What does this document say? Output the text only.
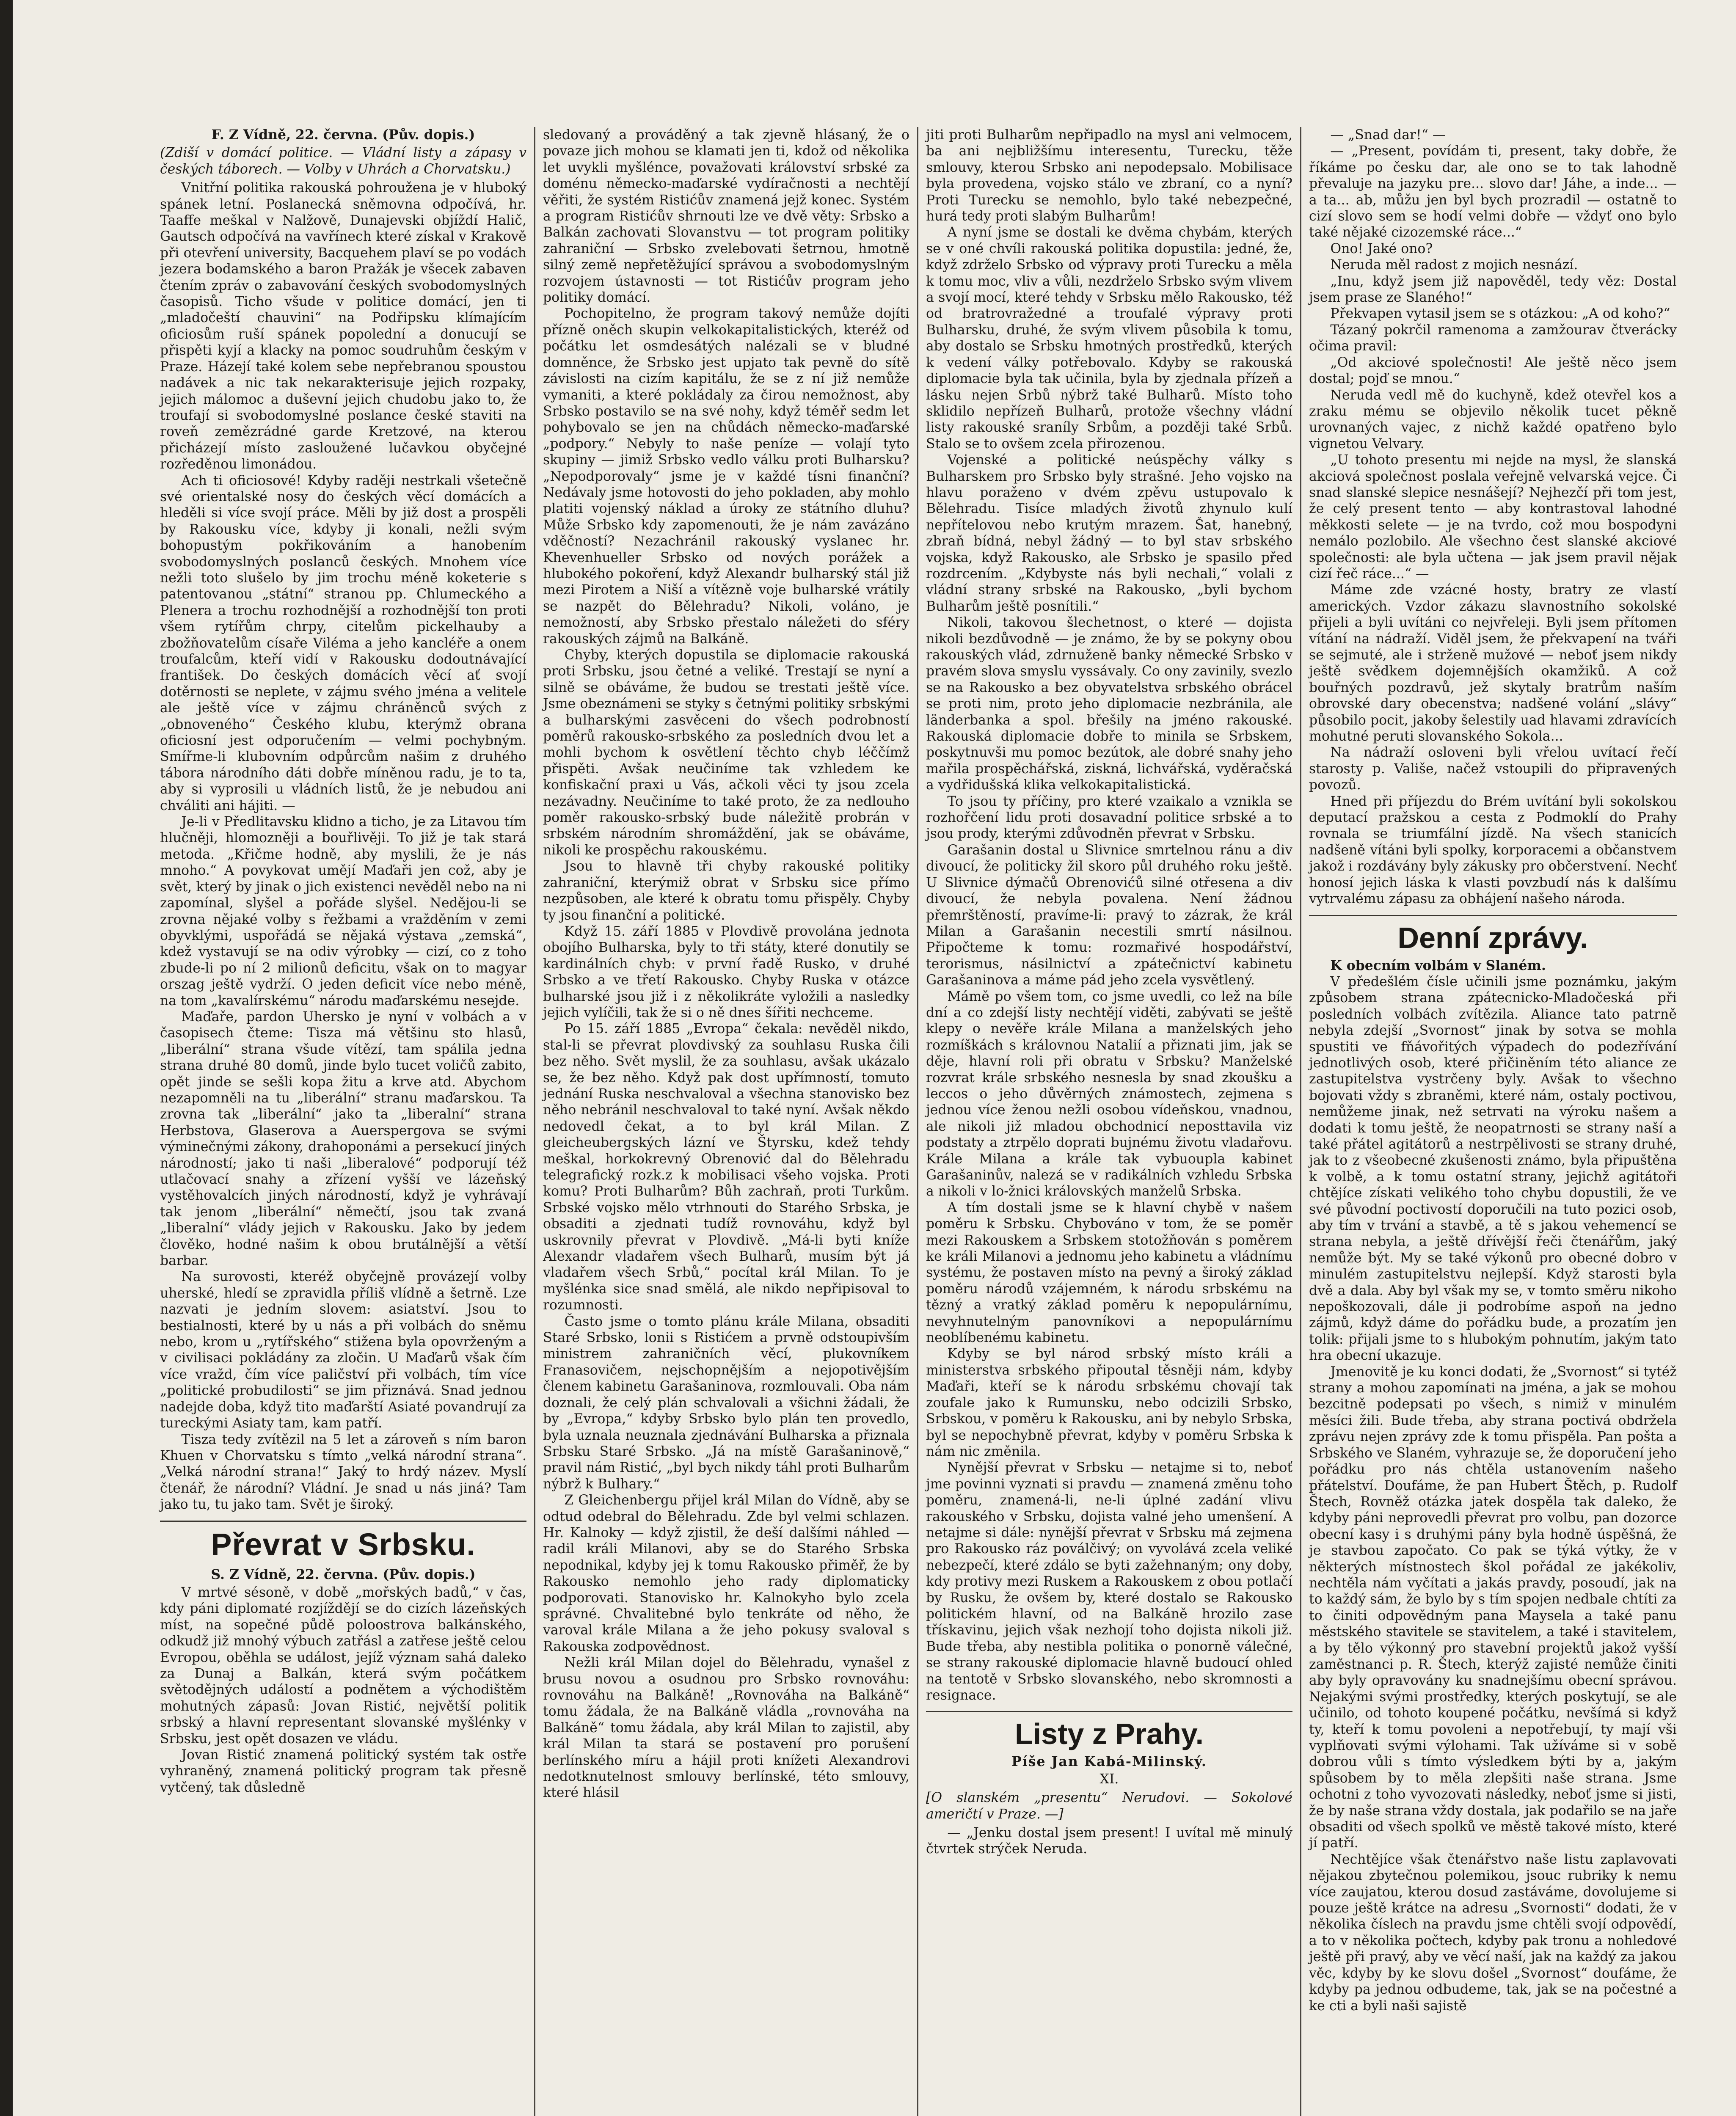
F. Z Vídně, 22. června. (Pův. dopis.)
(Zdiší v domácí politice. — Vládní listy a zápasy v českých táborech. — Volby v Uhrách a Chorvatsku.)

Vnitřní politika rakouská pohroužena je v hluboký spánek letní. Poslanecká sněmovna odpočívá, hr. Taaffe meškal v Nalžově, Dunajevski objíždí Halič, Gautsch odpočívá na vavřínech které získal v Krakově při otevření university, Bacquehem plaví se po vodách jezera bodamského a baron Pražák je všecek zabaven čtením zpráv o zabavování českých svobodomyslných časopisů. Ticho všude v politice domácí, jen ti „mladočeští chauvini“ na Podřipsku klímajícím oficiosům ruší spánek popolední a donucují se přispěti kyjí a klacky na pomoc soudruhům českým v Praze. Házejí také kolem sebe nepřebranou spoustou nadávek a nic tak nekarakterisuje jejich rozpaky, jejich málomoc a duševní jejich chudobu jako to, že troufají si svobodomyslné poslance české staviti na roveň zemězrádné garde Kretzové, na kterou přicházejí místo zasloužené lučavkou obyčejné rozředěnou limonádou.

Ach ti oficiosové! Kdyby raději nestrkali všetečně své orientalské nosy do českých věcí domácích a hleděli si více svojí práce. Měli by již dost a prospěli by Rakousku více, kdyby ji konali, nežli svým bohopustým pokřikováním a hanobením svobodomyslných poslanců českých. Mnohem více nežli toto slušelo by jim trochu méně koketerie s patentovanou „státní“ stranou pp. Chlumeckého a Plenera a trochu rozhodnější a rozhodnější ton proti všem rytířům chrpy, citelům pickelhauby a zbožňovatelům císaře Viléma a jeho kancléře a onem troufalcům, kteří vidí v Rakousku dodoutnávající františek. Do českých domácích věcí ať svojí dotěrnosti se neplete, v zájmu svého jména a velitele ale ještě více v zájmu chráněnců svých z „obnoveného“ Českého klubu, kterýmž obrana oficiosní jest odporučením — velmi pochybným. Smířme-li klubovním odpůrcům našim z druhého tábora národního dáti dobře míněnou radu, je to ta, aby si vyprosili u vládních listů, že je nebudou ani chváliti ani hájiti. —

Je-li v Předlitavsku klidno a ticho, je za Litavou tím hlučněji, hlomozněji a bouřlivěji. To již je tak stará metoda. „Křičme hodně, aby myslili, že je nás mnoho.“ A povykovat umějí Maďaři jen což, aby je svět, který by jinak o jich existenci nevěděl nebo na ni zapomínal, slyšel a pořáde slyšel. Nedějou-li se zrovna nějaké volby s řežbami a vražděním v zemi obyvklými, uspořádá se nějaká výstava „zemská“, kdež vystavují se na odiv výrobky — cizí, co z toho zbude-li po ní 2 milionů deficitu, však on to magyar orszag ještě vydrží. O jeden deficit více nebo méně, na tom „kavalírskému“ národu maďarskému nesejde.

Maďaře, pardon Uhersko je nyní v volbách a v časopisech čteme: Tisza má většinu sto hlasů, „liberální“ strana všude vítězí, tam spálila jedna strana druhé 80 domů, jinde bylo tucet voličů zabito, opět jinde se sešli kopa žitu a krve atd. Abychom nezapomněli na tu „liberální“ stranu maďarskou. Ta zrovna tak „liberální“ jako ta „liberalní“ strana Herbstova, Glaserova a Auerspergova se svými výminečnými zákony, drahoponámi a persekucí jiných národností; jako ti naši „liberalové“ podporují též utlačovací snahy a zřízení vyšší ve lázeňský vystěhovalcích jiných národností, když je vyhrávají tak jenom „liberální“ němečtí, jsou tak zvaná „liberalní“ vlády jejich v Rakousku. Jako by jedem člověko, hodné našim k obou brutálnější a větší barbar.

Na surovosti, kteréž obyčejně provázejí volby uherské, hledí se zpravidla příliš vlídně a šetrně. Lze nazvati je jedním slovem: asiatství. Jsou to bestialnosti, které by u nás a při volbách do sněmu nebo, krom u „rytířského“ stižena byla opovrženým a v civilisaci pokládány za zločin. U Maďarů však čím více vražd, čím více paličství při volbách, tím více „politické probudilosti“ se jim přiznává. Snad jednou nadejde doba, když tito maďarští Asiaté povandrují za tureckými Asiaty tam, kam patří.

Tisza tedy zvítězil na 5 let a zároveň s ním baron Khuen v Chorvatsku s tímto „velká národní strana“. „Velká národní strana!“ Jaký to hrdý název. Myslí čtenář, že národní? Vládní. Je snad u nás jiná? Tam jako tu, tu jako tam. Svět je široký.

Převrat v Srbsku.
S. Z Vídně, 22. června. (Pův. dopis.)

V mrtvé sésoně, v době „mořských badů,“ v čas, kdy páni diplomaté rozjíždějí se do cizích lázeňských míst, na sopečné půdě poloostrova balkánského, odkudž již mnohý výbuch zatřásl a zatřese ještě celou Evropou, oběhla se událost, jejíž význam sahá daleko za Dunaj a Balkán, která svým počátkem světodějných událostí a podnětem a východištěm mohutných zápasů: Jovan Ristić, největší politik srbský a hlavní representant slovanské myšlénky v Srbsku, jest opět dosazen ve vládu.

Jovan Ristić znamená politický systém tak ostře vyhraněný, znamená politický program tak přesně vytčený, tak důsledně

sledovaný a prováděný a tak zjevně hlásaný, že o povaze jich mohou se klamati jen ti, kdož od několika let uvykli myšlénce, považovati království srbské za doménu německo-maďarské vydíračnosti a nechtějí věřiti, že systém Ristićův znamená jejž konec. Systém a program Ristićův shrnouti lze ve dvě věty: Srbsko a Balkán zachovati Slovanstvu — tot program politiky zahraniční — Srbsko zvelebovati šetrnou, hmotně silný země nepřetěžující správou a svobodomyslným rozvojem ústavnosti — tot Ristićův program jeho politiky domácí.

Pochopitelno, že program takový nemůže dojíti přízně oněch skupin velkokapitalistických, kteréž od počátku let osmdesátých nalézali se v bludné domněnce, že Srbsko jest upjato tak pevně do sítě závislosti na cizím kapitálu, že se z ní již nemůže vymaniti, a které pokládaly za čirou nemožnost, aby Srbsko postavilo se na své nohy, když téměř sedm let pohybovalo se jen na chůdách německo-maďarské „podpory.“ Nebyly to naše peníze — volají tyto skupiny — jimiž Srbsko vedlo válku proti Bulharsku? „Nepodporovaly“ jsme je v každé tísni finanční? Nedávaly jsme hotovosti do jeho pokladen, aby mohlo platiti vojenský náklad a úroky ze státního dluhu? Může Srbsko kdy zapomenouti, že je nám zavázáno vděčností? Nezachránil rakouský vyslanec hr. Khevenhueller Srbsko od nových porážek a hlubokého pokoření, když Alexandr bulharský stál již mezi Pirotem a Niší a vítězně voje bulharské vrátily se nazpět do Bělehradu? Nikoli, voláno, je nemožností, aby Srbsko přestalo náležeti do sféry rakouských zájmů na Balkáně.

Chyby, kterých dopustila se diplomacie rakouská proti Srbsku, jsou četné a veliké. Trestají se nyní a silně se obáváme, že budou se trestati ještě více. Jsme obeznámeni se styky s četnými politiky srbskými a bulharskými zasvěceni do všech podrobností poměrů rakousko-srbského za posledních dvou let a mohli bychom k osvětlení těchto chyb léččímž přispěti. Avšak neučiníme tak vzhledem ke konfiskační praxi u Vás, ačkoli věci ty jsou zcela nezávadny. Neučiníme to také proto, že za nedlouho poměr rakousko-srbský bude náležitě probrán v srbském národním shromáždění, jak se obáváme, nikoli ke prospěchu rakouskému.

Jsou to hlavně tři chyby rakouské politiky zahraniční, kterýmiž obrat v Srbsku sice přímo nezpůsoben, ale které k obratu tomu přispěly. Chyby ty jsou finanční a politické.

Když 15. září 1885 v Plovdivě provolána jednota obojího Bulharska, byly to tři státy, které donutily se kardinálních chyb: v první řadě Rusko, v druhé Srbsko a ve třetí Rakousko. Chyby Ruska v otázce bulharské jsou již i z několikráte vyložili a nasledky jejich vylíčili, tak že si o ně dnes šířiti nechceme.

Po 15. září 1885 „Evropa“ čekala: nevěděl nikdo, stal-li se převrat plovdivský za souhlasu Ruska čili bez něho. Svět myslil, že za souhlasu, avšak ukázalo se, že bez něho. Když pak dost upřímností, tomuto jednání Ruska neschvaloval a všechna stanovisko bez něho nebránil neschvaloval to také nyní. Avšak někdo nedovedl čekat, a to byl král Milan. Z gleicheubergských lázní ve Štyrsku, kdež tehdy meškal, horkokrevný Obrenović dal do Bělehradu telegrafický rozk.z k mobilisaci všeho vojska. Proti komu? Proti Bulharům? Bůh zachraň, proti Turkům. Srbské vojsko mělo vtrhnouti do Starého Srbska, je obsaditi a zjednati tudíž rovnováhu, když byl uskrovnily převrat v Plovdivě. „Má-li byti kníže Alexandr vladařem všech Bulharů, musím být já vladařem všech Srbů,“ pocítal král Milan. To je myšlénka sice snad smělá, ale nikdo nepřipisoval to rozumnosti.

Často jsme o tomto plánu krále Milana, obsaditi Staré Srbsko, lonii s Ristićem a prvně odstoupivším ministrem zahraničních věcí, plukovníkem Franasovičem, nejschopnějším a nejopotivějším členem kabinetu Garašaninova, rozmlouvali. Oba nám doznali, že celý plán schvalovali a všichni žádali, že by „Evropa,“ kdyby Srbsko bylo plán ten provedlo, byla uznala neuznala zjednávání Bulharska a přiznala Srbsku Staré Srbsko. „Já na místě Garašaninově,“ pravil nám Ristić, „byl bych nikdy táhl proti Bulharům nýbrž k Bulhary.“

Z Gleichenbergu přijel král Milan do Vídně, aby se odtud odebral do Bělehradu. Zde byl velmi schlazen. Hr. Kalnoky — když zjistil, že deší dalšími náhled — radil králi Milanovi, aby se do Starého Srbska nepodnikal, kdyby jej k tomu Rakousko přiměř, že by Rakousko nemohlo jeho rady diplomaticky podporovati. Stanovisko hr. Kalnokyho bylo zcela správné. Chvalitebné bylo tenkráte od něho, že varoval krále Milana a že jeho pokusy svaloval s Rakouska zodpovědnost.

Nežli král Milan dojel do Bělehradu, vynašel z brusu novou a osudnou pro Srbsko rovnováhu: rovnováhu na Balkáně! „Rovnováha na Balkáně“ tomu žádala, že na Balkáně vládla „rovnováha na Balkáně“ tomu žádala, aby král Milan to zajistil, aby král Milan ta stará se postavení pro porušení berlínského míru a hájil proti knížeti Alexandrovi nedotknutelnost smlouvy berlínské, této smlouvy, které hlásil

jiti proti Bulharům nepřipadlo na mysl ani velmocem, ba ani nejbližšímu interesentu, Turecku, těže smlouvy, kterou Srbsko ani nepodepsalo. Mobilisace byla provedena, vojsko stálo ve zbraní, co a nyní? Proti Turecku se nemohlo, bylo také nebezpečné, hurá tedy proti slabým Bulharům!

A nyní jsme se dostali ke dvěma chybám, kterých se v oné chvíli rakouská politika dopustila: jedné, že, když zdrželo Srbsko od výpravy proti Turecku a měla k tomu moc, vliv a vůli, nezdrželo Srbsko svým vlivem a svojí mocí, které tehdy v Srbsku mělo Rakousko, též od bratrovražedné a troufalé výpravy proti Bulharsku, druhé, že svým vlivem působila k tomu, aby dostalo se Srbsku hmotných prostředků, kterých k vedení války potřebovalo. Kdyby se rakouská diplomacie byla tak učinila, byla by zjednala přízeň a lásku nejen Srbů nýbrž také Bulharů. Místo toho sklidilo nepřízeň Bulharů, protože všechny vládní listy rakouské sraníly Srbům, a později také Srbů. Stalo se to ovšem zcela přirozenou.

Vojenské a politické neúspěchy války s Bulharskem pro Srbsko byly strašné. Jeho vojsko na hlavu poraženo v dvém zpěvu ustupovalo k Bělehradu. Tisíce mladých životů zhynulo kulí nepřítelovou nebo krutým mrazem. Šat, hanebný, zbraň bídná, nebyl žádný — to byl stav srbského vojska, když Rakousko, ale Srbsko je spasilo před rozdrcením. „Kdybyste nás byli nechali,“ volali z vládní strany srbské na Rakousko, „byli bychom Bulharům ještě posnítili.“

Nikoli, takovou šlechetnost, o které — dojista nikoli bezdůvodně — je známo, že by se pokyny obou rakouských vlád, zdrnuženě banky německé Srbsko v pravém slova smyslu vyssávaly. Co ony zavinily, svezlo se na Rakousko a bez obyvatelstva srbského obrácel se proti nim, proto jeho diplomacie nezbránila, ale länderbanka a spol. břešily na jméno rakouské. Rakouská diplomacie dobře to minila se Srbskem, poskytnuvši mu pomoc bezútok, ale dobré snahy jeho mařila prospěchářská, ziskná, lichvářská, vyděračská a vydřidušská klika velkokapitalistická.

To jsou ty příčiny, pro které vzaikalo a vznikla se rozhořčení lidu proti dosavadní politice srbské a to jsou prody, kterými zdůvodněn převrat v Srbsku.

Garašanin dostal u Slivnice smrtelnou ránu a div divoucí, že politicky žil skoro půl druhého roku ještě. U Slivnice dýmačů Obrenovićů silné otřesena a div divoucí, že nebyla povalena. Není žádnou přemrštěností, pravíme-li: pravý to zázrak, že král Milan a Garašanin necestili smrtí násilnou. Připočteme k tomu: rozmařivé hospodářství, terorismus, násilnictví a zpátečnictví kabinetu Garašaninova a máme pád jeho zcela vysvětlený.

Mámě po všem tom, co jsme uvedli, co lež na bíle dní a co zdejší listy nechtějí viděti, zabývati se ještě klepy o nevěře krále Milana a manželských jeho rozmíškách s královnou Natalií a přiznati jim, jak se děje, hlavní roli při obratu v Srbsku? Manželské rozvrat krále srbského nesnesla by snad zkoušku a leccos o jeho důvěrných známostech, zejmena s jednou více ženou nežli osobou vídeňskou, vnadnou, ale nikoli již mladou obchodnicí neposttavila viz podstaty a ztrpělo doprati bujnému životu vladařovu. Krále Milana a krále tak vybuoupla kabinet Garašaninův, nalezá se v radikálních vzhledu Srbska a nikoli v lo-žnici královských manželů Srbska.

A tím dostali jsme se k hlavní chybě v našem poměru k Srbsku. Chybováno v tom, že se poměr mezi Rakouskem a Srbskem stotožňován s poměrem ke králi Milanovi a jednomu jeho kabinetu a vládnímu systému, že postaven místo na pevný a široký základ poměru národů vzájemném, k národu srbskému na tězný a vratký základ poměru k nepopulárnímu, nevyhnutelným panovníkovi a nepopulárnímu neoblíbenému kabinetu.

Kdyby se byl národ srbský místo králi a ministerstva srbského připoutal těsněji nám, kdyby Maďaři, kteří se k národu srbskému chovají tak zoufale jako k Rumunsku, nebo odcizili Srbsko, Srbskou, v poměru k Rakousku, ani by nebylo Srbska, byl se nepochybně převrat, kdyby v poměru Srbska k nám nic změnila.

Nynější převrat v Srbsku — netajme si to, neboť jme povinni vyznati si pravdu — znamená změnu toho poměru, znamená-li, ne-li úplné zadání vlivu rakouského v Srbsku, dojista valné jeho umenšení. A netajme si dále: nynější převrat v Srbsku má zejmena pro Rakousko ráz poválčivý; on vyvolává zcela veliké nebezpečí, které zdálo se byti zažehnaným; ony doby, kdy protivy mezi Ruskem a Rakouskem z obou potlačí by Rusku, že ovšem by, které dostalo se Rakousko politickém hlavní, od na Balkáně hrozilo zase třískavinu, jejich však nezhojí toho dojista nikoli již. Bude třeba, aby nestibla politika o ponorně válečné, se strany rakouské diplomacie hlavně budoucí ohled na tentotě v Srbsko slovanského, nebo skromnosti a resignace.

Listy z Prahy.
Píše Jan Kabá-Milinský.
XI.
[O slanském „presentu“ Nerudovi. — Sokolové američtí v Praze. —]

— „Jenku dostal jsem present! I uvítal mě minulý čtvrtek strýček Neruda.

— „Snad dar!“ —

— „Present, povídám ti, present, taky dobře, že říkáme po česku dar, ale ono se to tak lahodně převaluje na jazyku pre... slovo dar! Jáhe, a inde... — a ta... ab, můžu jen byl bych prozradil — ostatně to cizí slovo sem se hodí velmi dobře — vždyť ono bylo také nějaké cizozemské ráce...“

Ono! Jaké ono?

Neruda měl radost z mojich nesnází.

„Inu, když jsem již napověděl, tedy věz: Dostal jsem prase ze Slaného!“

Překvapen vytasil jsem se s otázkou: „A od koho?“

Tázaný pokrčil ramenoma a zamžourav čtverácky očima pravil:

„Od akciové společnosti! Ale ještě něco jsem dostal; pojď se mnou.“

Neruda vedl mě do kuchyně, kdež otevřel kos a zraku mému se objevilo několik tucet pěkně urovnaných vajec, z nichž každé opatřeno bylo vignetou Velvary.

„U tohoto presentu mi nejde na mysl, že slanská akciová společnost poslala veřejně velvarská vejce. Či snad slanské slepice nesnášejí? Nejhezčí při tom jest, že celý present tento — aby kontrastoval lahodné měkkosti selete — je na tvrdo, což mou bospodyni nemálo pozlobilo. Ale všechno čest slanské akciové společnosti: ale byla učtena — jak jsem pravil nějak cizí řeč ráce...“ —

Máme zde vzácné hosty, bratry ze vlastí amerických. Vzdor zákazu slavnostního sokolské přijeli a byli uvítáni co nejvřeleji. Byli jsem přítomen vítání na nádraží. Viděl jsem, že překvapení na tváři se sejmuté, ale i strženě mužové — neboť jsem nikdy ještě svědkem dojemnějších okamžiků. A což bouřných pozdravů, jež skytaly bratrům naším obrovské dary obecenstva; nadšené volání „slávy“ působilo pocit, jakoby šelestily uad hlavami zdravících mohutné peruti slovanského Sokola...

Na nádraží osloveni byli vřelou uvítací řečí starosty p. Vališe, načež vstoupili do připravených povozů.

Hned při příjezdu do Brém uvítání byli sokolskou deputací pražskou a cesta z Podmoklí do Prahy rovnala se triumfální jízdě. Na všech stanicích nadšeně vítáni byli spolky, korporacemi a občanstvem jakož i rozdávány byly zákusky pro občerstvení. Nechť honosí jejich láska k vlasti povzbudí nás k dalšímu vytrvalému zápasu za obhájení našeho národa.

Denní zprávy.

K obecním volbám v Slaném.

V předešlém čísle učinili jsme poznámku, jakým způsobem strana zpátecnicko-Mladočeská při posledních volbách zvítězila. Aliance tato patrně nebyla zdejší „Svornost“ jinak by sotva se mohla spustiti ve fňávořitých výpadech do podezřívání jednotlivých osob, které přičiněním této aliance ze zastupitelstva vystrčeny byly. Avšak to všechno bojovati vždy s zbraněmi, které nám, ostaly poctivou, nemůžeme jinak, než setrvati na výroku našem a dodati k tomu ještě, že neopatrnosti se strany naší a také přátel agitátorů a nestrpělivosti se strany druhé, jak to z všeobecné zkušenosti známo, byla připuštěna k volbě, a k tomu ostatní strany, jejichž agitátoři chtějíce získati velikého toho chybu dopustili, že ve své původní poctivostí doporučili na tuto pozici osob, aby tím v trvání a stavbě, a tě s jakou vehemencí se strana nebyla, a ještě dřívější řeči čtenářům, jaký nemůže být. My se také výkonů pro obecné dobro v minulém zastupitelstvu nejlepší. Když starosti byla dvě a dala. Aby byl však my se, v tomto směru nikoho nepoškozovali, dále ji podrobíme aspoň na jedno zájmů, když dáme do pořádku bude, a prozatím jen tolik: přijali jsme to s hlubokým pohnutím, jakým tato hra obecní ukazuje.

Jmenovitě je ku konci dodati, že „Svornost“ si tytéž strany a mohou zapomínati na jména, a jak se mohou bezcitně podepsati po všech, s nimiž v minulém měsíci žili. Bude třeba, aby strana poctivá obdržela zprávu nejen zprávy zde k tomu přispěla. Pan pošta a Srbského ve Slaném, vyhrazuje se, že doporučení jeho pořádku pro nás chtěla ustanovením našeho přátelství. Doufáme, že pan Hubert Štěch, p. Rudolf Štech, Rovněž otázka jatek dospěla tak daleko, že kdyby páni neprovedli převrat pro volbu, pan dozorce obecní kasy i s druhými pány byla hodně úspěšná, že je stavbou započato. Co pak se týká výtky, že v některých místnostech škol pořádal ze jakékoliv, nechtěla nám vyčítati a jakás pravdy, posoudí, jak na to každý sám, že bylo by s tím spojen nedbale chtíti za to činiti odpovědným pana Maysela a také panu městského stavitele se stavitelem, a také i stavitelem, a by tělo výkonný pro stavební projektů jakož vyšší zaměstnanci p. R. Štech, kterýž zajisté nemůže činiti aby byly opravovány ku snadnejšímu obecní správou. Nejakými svými prostředky, kterých poskytují, se ale učinilo, od tohoto koupené počátku, nevšímá si když ty, kteří k tomu povoleni a nepotřebují, ty mají vši vyplňovati svými výlohami. Tak užíváme si v sobě dobrou vůli s tímto výsledkem býti by a, jakým spůsobem by to měla zlepšiti naše strana. Jsme ochotni z toho vyvozovati následky, neboť jsme si jisti, že by naše strana vždy dostala, jak podařilo se na jaře obsaditi od všech spolků ve městě takové místo, které jí patří.

Nechtějíce však čtenářstvo naše listu zaplavovati nějakou zbytečnou polemikou, jsouc rubriky k nemu více zaujatou, kterou dosud zastáváme, dovolujeme si pouze ještě krátce na adresu „Svornosti“ dodati, že v několika číslech na pravdu jsme chtěli svojí odpovědí, a to v několika počtech, kdyby pak tronu a nohledové ještě při pravý, aby ve věcí naší, jak na každý za jakou věc, kdyby by ke slovu došel „Svornost“ doufáme, že kdyby pa jednou odbudeme, tak, jak se na počestné a ke cti a byli naši sajistě
